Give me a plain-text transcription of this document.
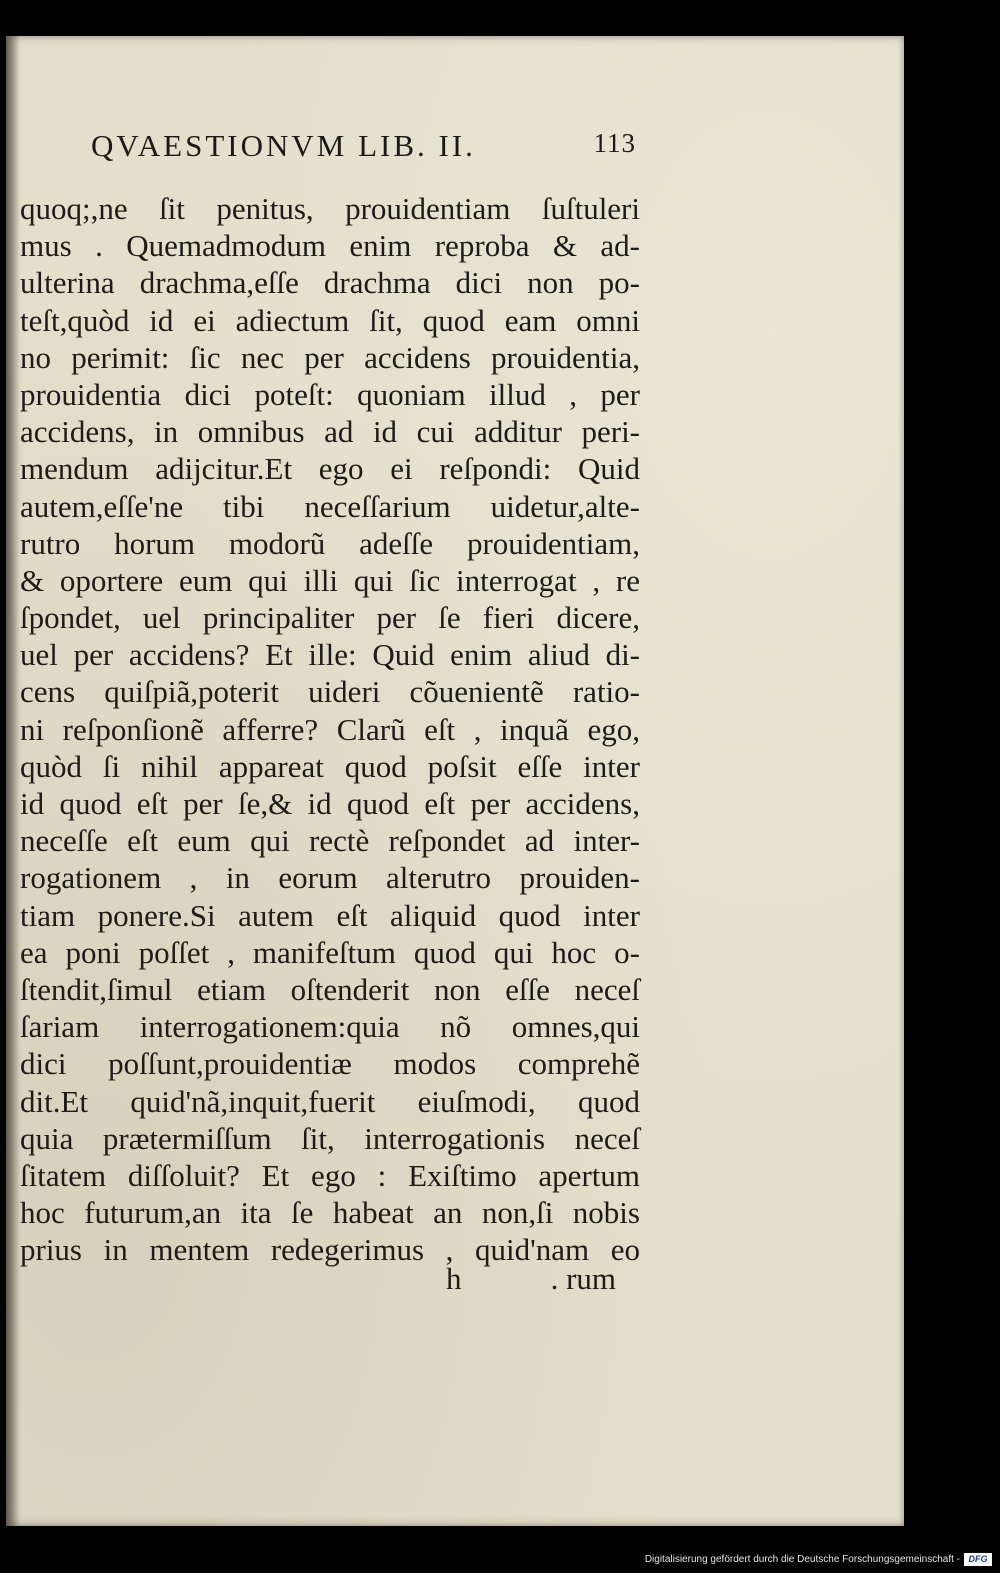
QVAESTIONVM LIB. II.	113
quoq;,ne ſit penitus, prouidentiam ſuſtuleri
mus . Quemadmodum enim reproba & ad-
ulterina drachma,eſſe drachma dici non po-
teſt,quòd id ei adiectum ſit, quod eam omni
no perimit: ſic nec per accidens prouidentia,
prouidentia dici poteſt: quoniam illud , per
accidens, in omnibus ad id cui additur peri-
mendum adijcitur.Et ego ei reſpondi: Quid
autem,eſſe'ne tibi neceſſarium uidetur,alte-
rutro horum modorũ adeſſe prouidentiam,
& oportere eum qui illi qui ſic interrogat , re
ſpondet, uel principaliter per ſe fieri dicere,
uel per accidens? Et ille: Quid enim aliud di-
cens quiſpiã,poterit uideri cõuenientẽ ratio-
ni reſponſionẽ afferre? Clarũ eſt , inquã ego,
quòd ſi nihil appareat quod poſsit eſſe inter
id quod eſt per ſe,& id quod eſt per accidens,
neceſſe eſt eum qui rectè reſpondet ad inter-
rogationem , in eorum alterutro prouiden-
tiam ponere.Si autem eſt aliquid quod inter
ea poni poſſet , manifeſtum quod qui hoc o-
ſtendit,ſimul etiam oſtenderit non eſſe neceſ
ſariam interrogationem:quia nõ omnes,qui
dici poſſunt,prouidentiæ modos comprehẽ
dit.Et quid'nã,inquit,fuerit eiuſmodi, quod
quia prætermiſſum ſit, interrogationis neceſ
ſitatem diſſoluit? Et ego : Exiſtimo apertum
hoc futurum,an ita ſe habeat an non,ſi nobis
prius in mentem redegerimus , quid'nam eo
h	. rum
Digitalisierung gefördert durch die Deutsche Forschungsgemeinschaft - DFG
